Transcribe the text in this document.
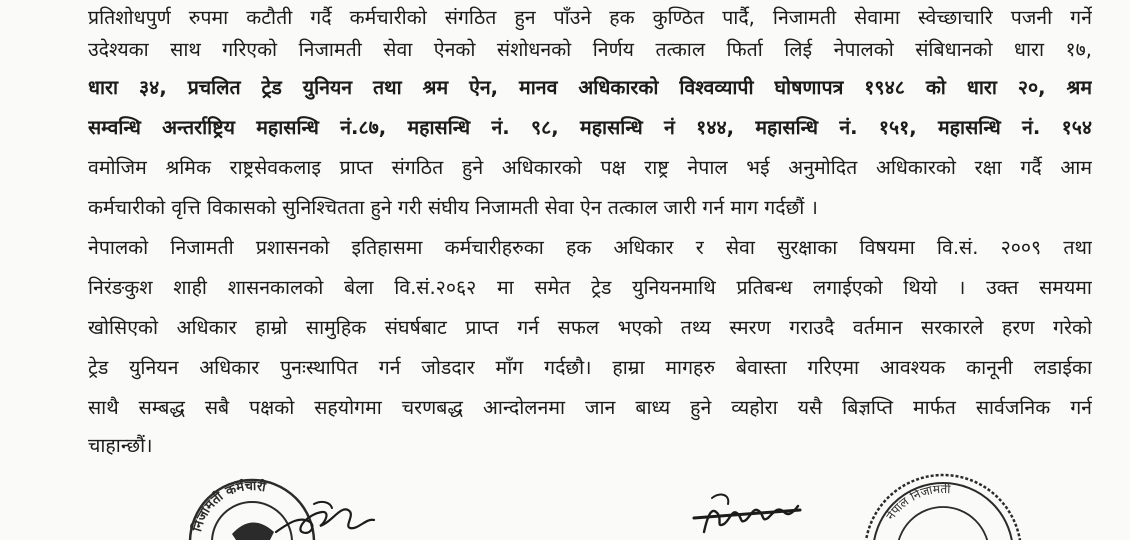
प्रतिशोधपुर्ण रुपमा कटौती गर्दै कर्मचारीको संगठित हुन पाँउने हक कुण्ठित पार्दै, निजामती सेवामा स्वेच्छाचारि पजनी गर्ने
उदेश्यका साथ गरिएको निजामती सेवा ऐनको संशोधनको निर्णय तत्काल फिर्ता लिई नेपालको संबिधानको धारा १७,
धारा ३४, प्रचलित ट्रेड युनियन तथा श्रम ऐन, मानव अधिकारको विश्वव्यापी घोषणापत्र १९४८ को धारा २०, श्रम
सम्वन्धि अन्तर्राष्ट्रिय महासन्धि नं.८७, महासन्धि नं. ९८, महासन्धि नं १४४, महासन्धि नं. १५१, महासन्धि नं. १५४
वमोजिम श्रमिक राष्ट्रसेवकलाइ प्राप्त संगठित हुने अधिकारको पक्ष राष्ट्र नेपाल भई अनुमोदित अधिकारको रक्षा गर्दै आम
कर्मचारीको वृत्ति विकासको सुनिश्चितता हुने गरी संघीय निजामती सेवा ऐन तत्काल जारी गर्न माग गर्दछौं ।
नेपालको निजामती प्रशासनको इतिहासमा कर्मचारीहरुका हक अधिकार र सेवा सुरक्षाका विषयमा वि.सं. २००९ तथा
निरंङकुश शाही शासनकालको बेला वि.सं.२०६२ मा समेत ट्रेड युनियनमाथि प्रतिबन्ध लगाईएको थियो । उक्त समयमा
खोसिएको अधिकार हाम्रो सामुहिक संघर्षबाट प्राप्त गर्न सफल भएको तथ्य स्मरण गराउदै वर्तमान सरकारले हरण गरेको
ट्रेड युनियन अधिकार पुनःस्थापित गर्न जोडदार माँग गर्दछौ। हाम्रा मागहरु बेवास्ता गरिएमा आवश्यक कानूनी लडाईका
साथै सम्बद्ध सबै पक्षको सहयोगमा चरणबद्ध आन्दोलनमा जान बाध्य हुने व्यहोरा यसै बिज्ञप्ति मार्फत सार्वजनिक गर्न
चाहान्छौं।
निजामती कर्मचारी
नेपाल निजामती
